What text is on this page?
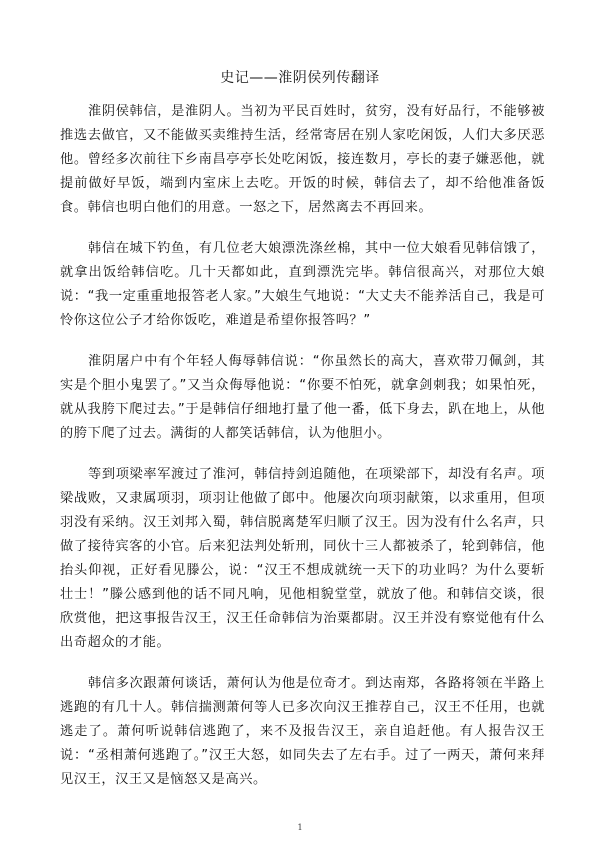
史记——淮阴侯列传翻译

淮阴侯韩信，是淮阴人。当初为平民百姓时，贫穷，没有好品行，不能够被推选去做官，又不能做买卖维持生活，经常寄居在别人家吃闲饭，人们大多厌恶他。曾经多次前往下乡南昌亭亭长处吃闲饭，接连数月，亭长的妻子嫌恶他，就提前做好早饭，端到内室床上去吃。开饭的时候，韩信去了，却不给他准备饭食。韩信也明白他们的用意。一怒之下，居然离去不再回来。

韩信在城下钓鱼，有几位老大娘漂洗涤丝棉，其中一位大娘看见韩信饿了，就拿出饭给韩信吃。几十天都如此，直到漂洗完毕。韩信很高兴，对那位大娘说：“我一定重重地报答老人家。”大娘生气地说：“大丈夫不能养活自己，我是可怜你这位公子才给你饭吃，难道是希望你报答吗？”

淮阴屠户中有个年轻人侮辱韩信说：“你虽然长的高大，喜欢带刀佩剑，其实是个胆小鬼罢了。”又当众侮辱他说：“你要不怕死，就拿剑刺我；如果怕死，就从我胯下爬过去。”于是韩信仔细地打量了他一番，低下身去，趴在地上，从他的胯下爬了过去。满街的人都笑话韩信，认为他胆小。

等到项梁率军渡过了淮河，韩信持剑追随他，在项梁部下，却没有名声。项梁战败，又隶属项羽，项羽让他做了郎中。他屡次向项羽献策，以求重用，但项羽没有采纳。汉王刘邦入蜀，韩信脱离楚军归顺了汉王。因为没有什么名声，只做了接待宾客的小官。后来犯法判处斩刑，同伙十三人都被杀了，轮到韩信，他抬头仰视，正好看见滕公，说：“汉王不想成就统一天下的功业吗？为什么要斩壮士！”滕公感到他的话不同凡响，见他相貌堂堂，就放了他。和韩信交谈，很欣赏他，把这事报告汉王，汉王任命韩信为治粟都尉。汉王并没有察觉他有什么出奇超众的才能。

韩信多次跟萧何谈话，萧何认为他是位奇才。到达南郑，各路将领在半路上逃跑的有几十人。韩信揣测萧何等人已多次向汉王推荐自己，汉王不任用，也就逃走了。萧何听说韩信逃跑了，来不及报告汉王，亲自追赶他。有人报告汉王说：“丞相萧何逃跑了。”汉王大怒，如同失去了左右手。过了一两天，萧何来拜见汉王，汉王又是恼怒又是高兴。

1
